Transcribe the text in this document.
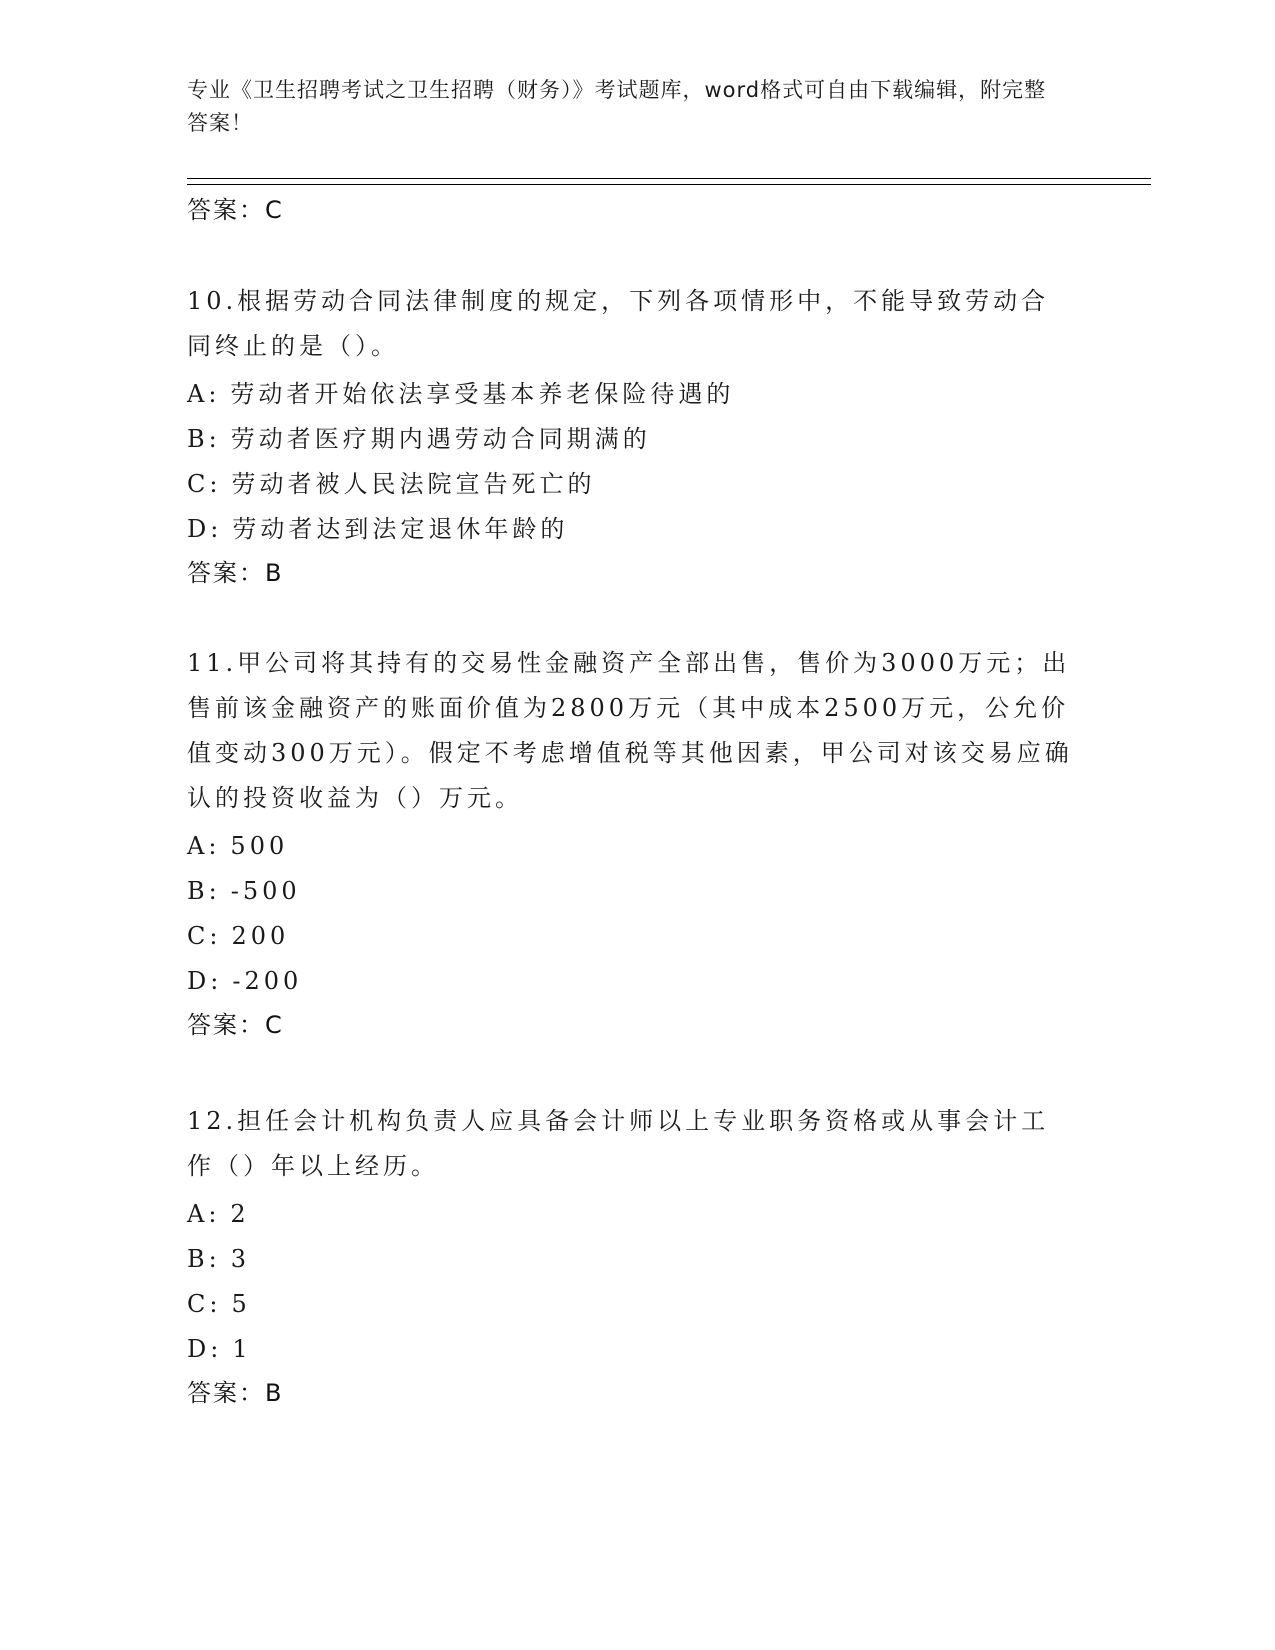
专业《卫生招聘考试之卫生招聘（财务）》考试题库，word格式可自由下载编辑，附完整答案！
答案：C
10.根据劳动合同法律制度的规定，下列各项情形中，不能导致劳动合同终止的是（）。
A: 劳动者开始依法享受基本养老保险待遇的
B: 劳动者医疗期内遇劳动合同期满的
C: 劳动者被人民法院宣告死亡的
D: 劳动者达到法定退休年龄的
答案：B
11.甲公司将其持有的交易性金融资产全部出售，售价为3000万元；出售前该金融资产的账面价值为2800万元（其中成本2500万元，公允价值变动300万元）。假定不考虑增值税等其他因素，甲公司对该交易应确认的投资收益为（）万元。
A: 500
B: -500
C: 200
D: -200
答案：C
12.担任会计机构负责人应具备会计师以上专业职务资格或从事会计工作（）年以上经历。
A: 2
B: 3
C: 5
D: 1
答案：B
